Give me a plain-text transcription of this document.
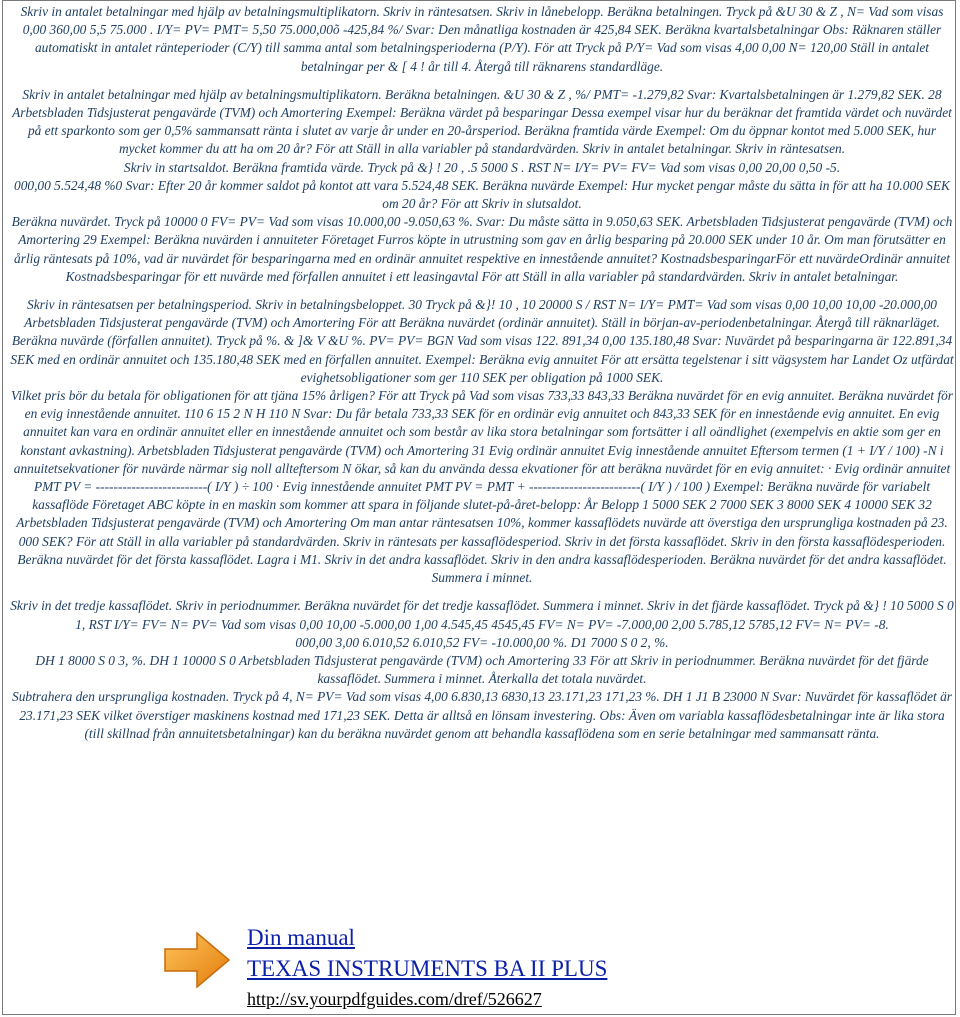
Skriv in antalet betalningar med hjälp av betalningsmultiplikatorn. Skriv in räntesatsen. Skriv in lånebelopp. Beräkna betalningen. Tryck på &U 30 & Z , N= Vad som visas 0,00 360,00 5,5 75.000 . I/Y= PV= PMT= 5,50 75.000,00õ -425,84 %/ Svar: Den månatliga kostnaden är 425,84 SEK. Beräkna kvartalsbetalningar Obs: Räknaren ställer automatiskt in antalet ränteperioder (C/Y) till samma antal som betalningsperioderna (P/Y). För att Tryck på P/Y= Vad som visas 4,00 0,00 N= 120,00 Ställ in antalet betalningar per & [ 4 ! år till 4. Återgå till räknarens standardläge.

Skriv in antalet betalningar med hjälp av betalningsmultiplikatorn. Beräkna betalningen. &U 30 & Z , %/ PMT= -1.279,82 Svar: Kvartalsbetalningen är 1.279,82 SEK. 28 Arbetsbladen Tidsjusterat pengavärde (TVM) och Amortering Exempel: Beräkna värdet på besparingar Dessa exempel visar hur du beräknar det framtida värdet och nuvärdet på ett sparkonto som ger 0,5% sammansatt ränta i slutet av varje år under en 20-årsperiod. Beräkna framtida värde Exempel: Om du öppnar kontot med 5.000 SEK, hur mycket kommer du att ha om 20 år? För att Ställ in alla variabler på standardvärden. Skriv in antalet betalningar. Skriv in räntesatsen.

Skriv in startsaldot. Beräkna framtida värde. Tryck på &} ! 20 , .5 5000 S . RST N= I/Y= PV= FV= Vad som visas 0,00 20,00 0,50 -5.

000,00 5.524,48 %0 Svar: Efter 20 år kommer saldot på kontot att vara 5.524,48 SEK. Beräkna nuvärde Exempel: Hur mycket pengar måste du sätta in för att ha 10.000 SEK om 20 år? För att Skriv in slutsaldot.

Beräkna nuvärdet. Tryck på 10000 0 FV= PV= Vad som visas 10.000,00 -9.050,63 %. Svar: Du måste sätta in 9.050,63 SEK. Arbetsbladen Tidsjusterat pengavärde (TVM) och Amortering 29 Exempel: Beräkna nuvärden i annuiteter Företaget Furros köpte in utrustning som gav en årlig besparing på 20.000 SEK under 10 år. Om man förutsätter en årlig räntesats på 10%, vad är nuvärdet för besparingarna med en ordinär annuitet respektive en innestående annuitet? KostnadsbesparingarFör ett nuvärdeOrdinär annuitet Kostnadsbesparingar för ett nuvärde med förfallen annuitet i ett leasingavtal För att Ställ in alla variabler på standardvärden. Skriv in antalet betalningar.

Skriv in räntesatsen per betalningsperiod. Skriv in betalningsbeloppet. 30 Tryck på &}! 10 , 10 20000 S / RST N= I/Y= PMT= Vad som visas 0,00 10,00 10,00 -20.000,00 Arbetsbladen Tidsjusterat pengavärde (TVM) och Amortering För att Beräkna nuvärdet (ordinär annuitet). Ställ in början-av-periodenbetalningar. Återgå till räknarläget. Beräkna nuvärde (förfallen annuitet). Tryck på %. & ]& V &U %. PV= PV= BGN Vad som visas 122. 891,34 0,00 135.180,48 Svar: Nuvärdet på besparingarna är 122.891,34 SEK med en ordinär annuitet och 135.180,48 SEK med en förfallen annuitet. Exempel: Beräkna evig annuitet För att ersätta tegelstenar i sitt vägsystem har Landet Oz utfärdat evighetsobligationer som ger 110 SEK per obligation på 1000 SEK.

Vilket pris bör du betala för obligationen för att tjäna 15% årligen? För att Tryck på Vad som visas 733,33 843,33 Beräkna nuvärdet för en evig annuitet. Beräkna nuvärdet för en evig innestående annuitet. 110 6 15 2 N H 110 N Svar: Du får betala 733,33 SEK för en ordinär evig annuitet och 843,33 SEK för en innestående evig annuitet. En evig annuitet kan vara en ordinär annuitet eller en innestående annuitet och som består av lika stora betalningar som fortsätter i all oändlighet (exempelvis en aktie som ger en konstant avkastning). Arbetsbladen Tidsjusterat pengavärde (TVM) och Amortering 31 Evig ordinär annuitet Evig innestående annuitet Eftersom termen (1 + I/Y / 100) -N i annuitetsekvationer för nuvärde närmar sig noll allteftersom N ökar, så kan du använda dessa ekvationer för att beräkna nuvärdet för en evig annuitet: · Evig ordinär annuitet PMT PV = -------------------------( I/Y ) ÷ 100 · Evig innestående annuitet PMT PV = PMT + -------------------------( I/Y ) / 100 ) Exempel: Beräkna nuvärde för variabelt kassaflöde Företaget ABC köpte in en maskin som kommer att spara in följande slutet-på-året-belopp: År Belopp 1 5000 SEK 2 7000 SEK 3 8000 SEK 4 10000 SEK 32 Arbetsbladen Tidsjusterat pengavärde (TVM) och Amortering Om man antar räntesatsen 10%, kommer kassaflödets nuvärde att överstiga den ursprungliga kostnaden på 23.

000 SEK? För att Ställ in alla variabler på standardvärden. Skriv in räntesats per kassaflödesperiod. Skriv in det första kassaflödet. Skriv in den första kassaflödesperioden. Beräkna nuvärdet för det första kassaflödet. Lagra i M1. Skriv in det andra kassaflödet. Skriv in den andra kassaflödesperioden. Beräkna nuvärdet för det andra kassaflödet. Summera i minnet.

Skriv in det tredje kassaflödet. Skriv in periodnummer. Beräkna nuvärdet för det tredje kassaflödet. Summera i minnet. Skriv in det fjärde kassaflödet. Tryck på &} ! 10 5000 S 0 1, RST I/Y= FV= N= PV= Vad som visas 0,00 10,00 -5.000,00 1,00 4.545,45 4545,45 FV= N= PV= -7.000,00 2,00 5.785,12 5785,12 FV= N= PV= -8.

000,00 3,00 6.010,52 6.010,52 FV= -10.000,00 %. D1 7000 S 0 2, %.

DH 1 8000 S 0 3, %. DH 1 10000 S 0 Arbetsbladen Tidsjusterat pengavärde (TVM) och Amortering 33 För att Skriv in periodnummer. Beräkna nuvärdet för det fjärde kassaflödet. Summera i minnet. Återkalla det totala nuvärdet.

Subtrahera den ursprungliga kostnaden. Tryck på 4, N= PV= Vad som visas 4,00 6.830,13 6830,13 23.171,23 171,23 %. DH 1 J1 B 23000 N Svar: Nuvärdet för kassaflödet är 23.171,23 SEK vilket överstiger maskinens kostnad med 171,23 SEK. Detta är alltså en lönsam investering. Obs: Även om variabla kassaflödesbetalningar inte är lika stora (till skillnad från annuitetsbetalningar) kan du beräkna nuvärdet genom att behandla kassaflödena som en serie betalningar med sammansatt ränta.

Din manual
TEXAS INSTRUMENTS BA II PLUS
http://sv.yourpdfguides.com/dref/526627
